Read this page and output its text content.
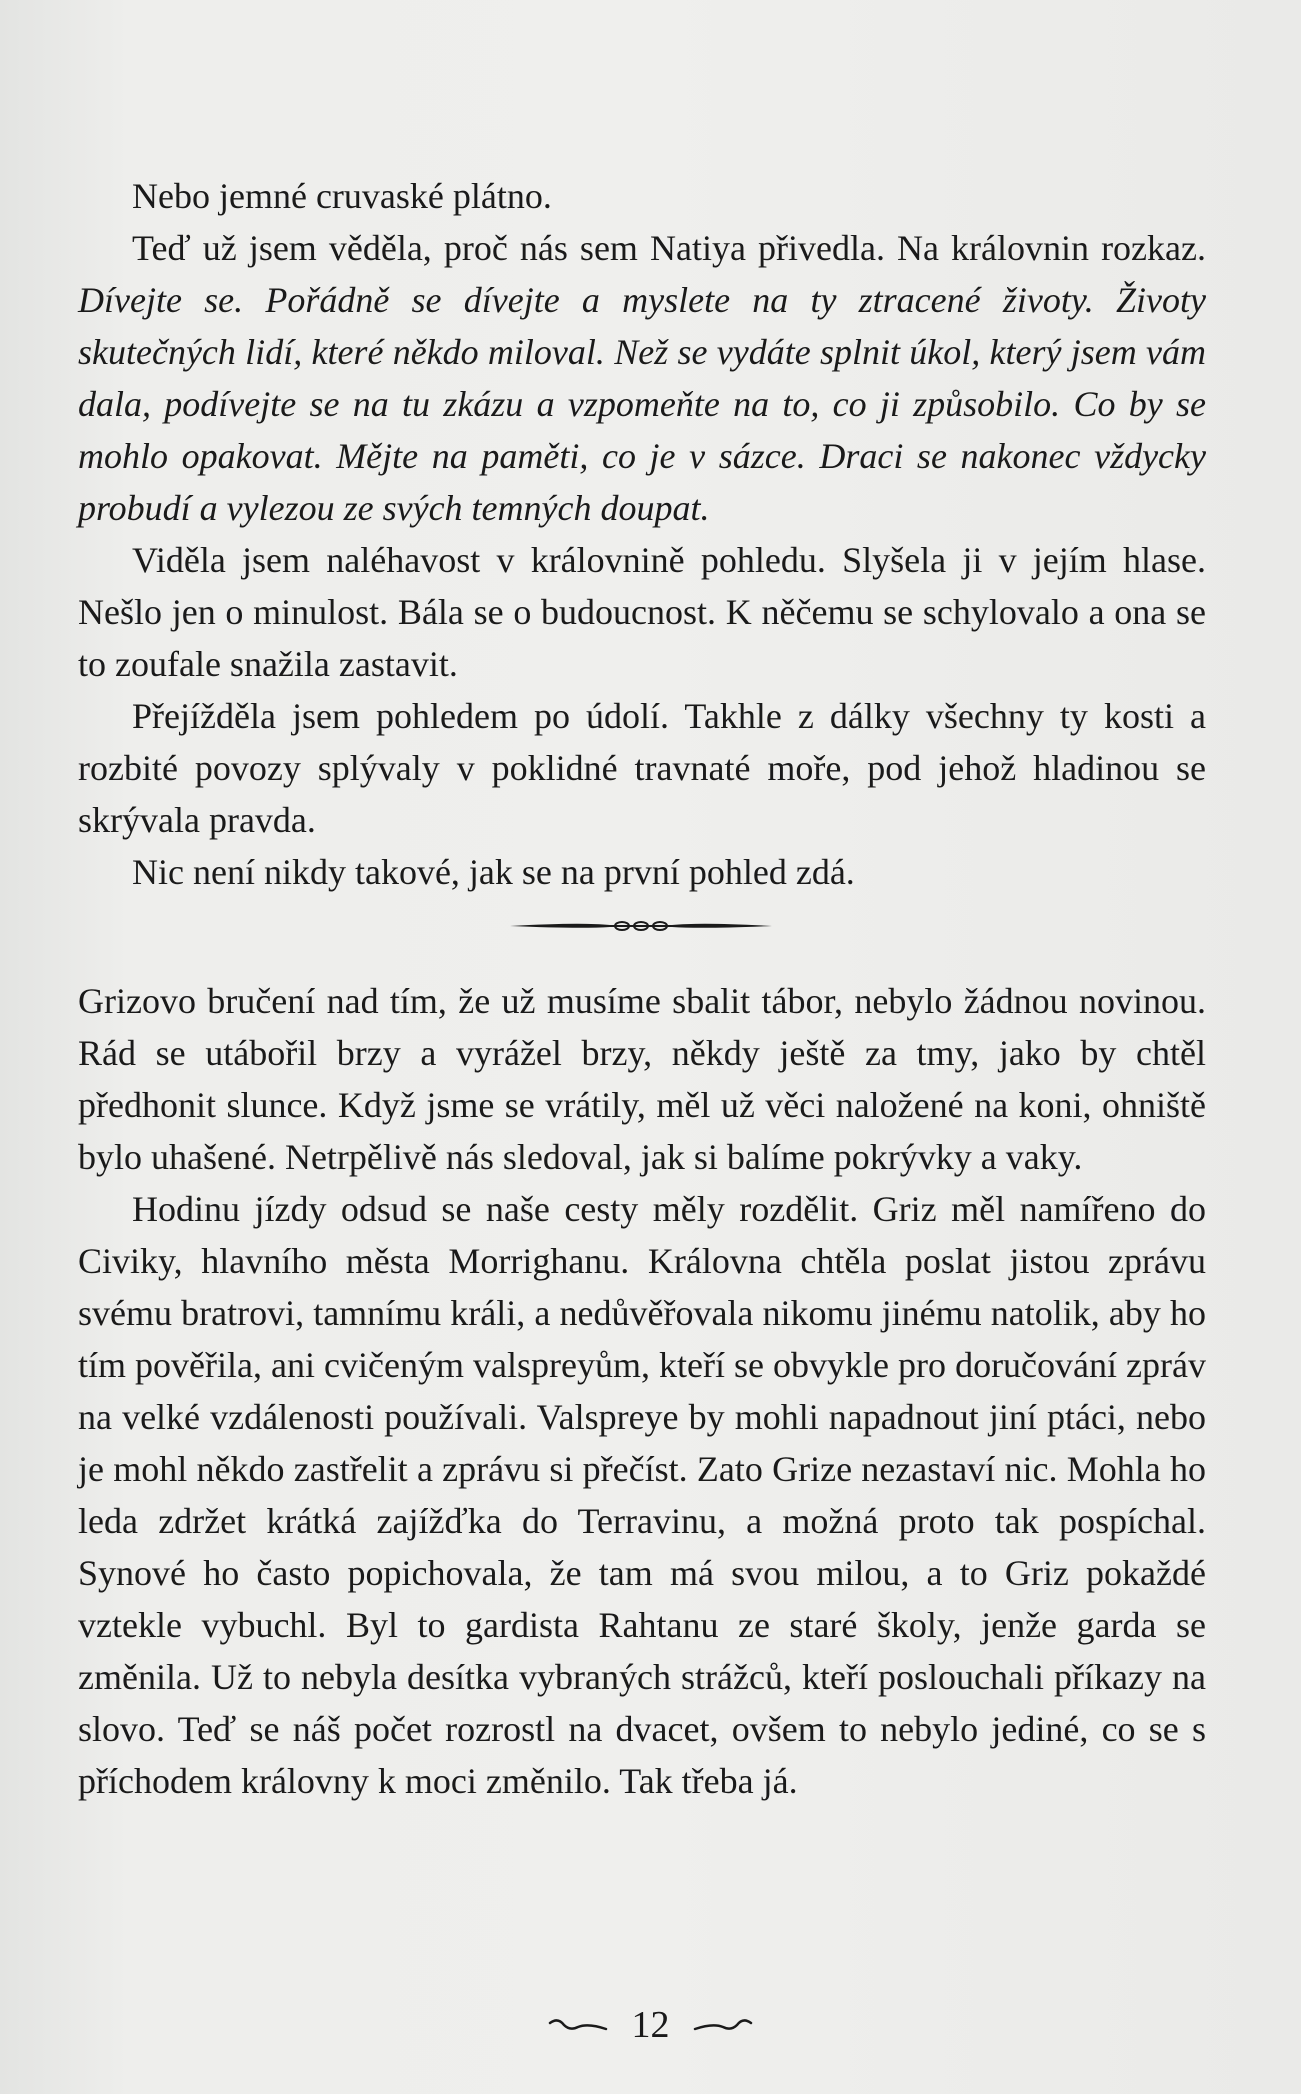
Nebo jemné cruvaské plátno.

Teď už jsem věděla, proč nás sem Natiya přivedla. Na královnin rozkaz. Dívejte se. Pořádně se dívejte a myslete na ty ztracené životy. Životy skutečných lidí, které někdo miloval. Než se vydáte splnit úkol, který jsem vám dala, podívejte se na tu zkázu a vzpomeňte na to, co ji způsobilo. Co by se mohlo opakovat. Mějte na paměti, co je v sázce. Draci se nakonec vždycky probudí a vylezou ze svých temných doupat.

Viděla jsem naléhavost v královnině pohledu. Slyšela ji v jejím hlase. Nešlo jen o minulost. Bála se o budoucnost. K něčemu se schylovalo a ona se to zoufale snažila zastavit.

Přejížděla jsem pohledem po údolí. Takhle z dálky všechny ty kosti a rozbité povozy splývaly v poklidné travnaté moře, pod jehož hladinou se skrývala pravda.

Nic není nikdy takové, jak se na první pohled zdá.

Grizovo bručení nad tím, že už musíme sbalit tábor, nebylo žádnou novinou. Rád se utábořil brzy a vyrážel brzy, někdy ještě za tmy, jako by chtěl předhonit slunce. Když jsme se vrátily, měl už věci naložené na koni, ohniště bylo uhašené. Netrpělivě nás sledoval, jak si balíme pokrývky a vaky.

Hodinu jízdy odsud se naše cesty měly rozdělit. Griz měl namířeno do Civiky, hlavního města Morrighanu. Královna chtěla poslat jistou zprávu svému bratrovi, tamnímu králi, a nedůvěřovala nikomu jinému natolik, aby ho tím pověřila, ani cvičeným valspreyům, kteří se obvykle pro doručování zpráv na velké vzdálenosti používali. Valspreye by mohli napadnout jiní ptáci, nebo je mohl někdo zastřelit a zprávu si přečíst. Zato Grize nezastaví nic. Mohla ho leda zdržet krátká zajížďka do Terravinu, a možná proto tak pospíchal. Synové ho často popichovala, že tam má svou milou, a to Griz pokaždé vztekle vybuchl. Byl to gardista Rahtanu ze staré školy, jenže garda se změnila. Už to nebyla desítka vybraných strážců, kteří poslouchali příkazy na slovo. Teď se náš počet rozrostl na dvacet, ovšem to nebylo jediné, co se s příchodem královny k moci změnilo. Tak třeba já.

12
